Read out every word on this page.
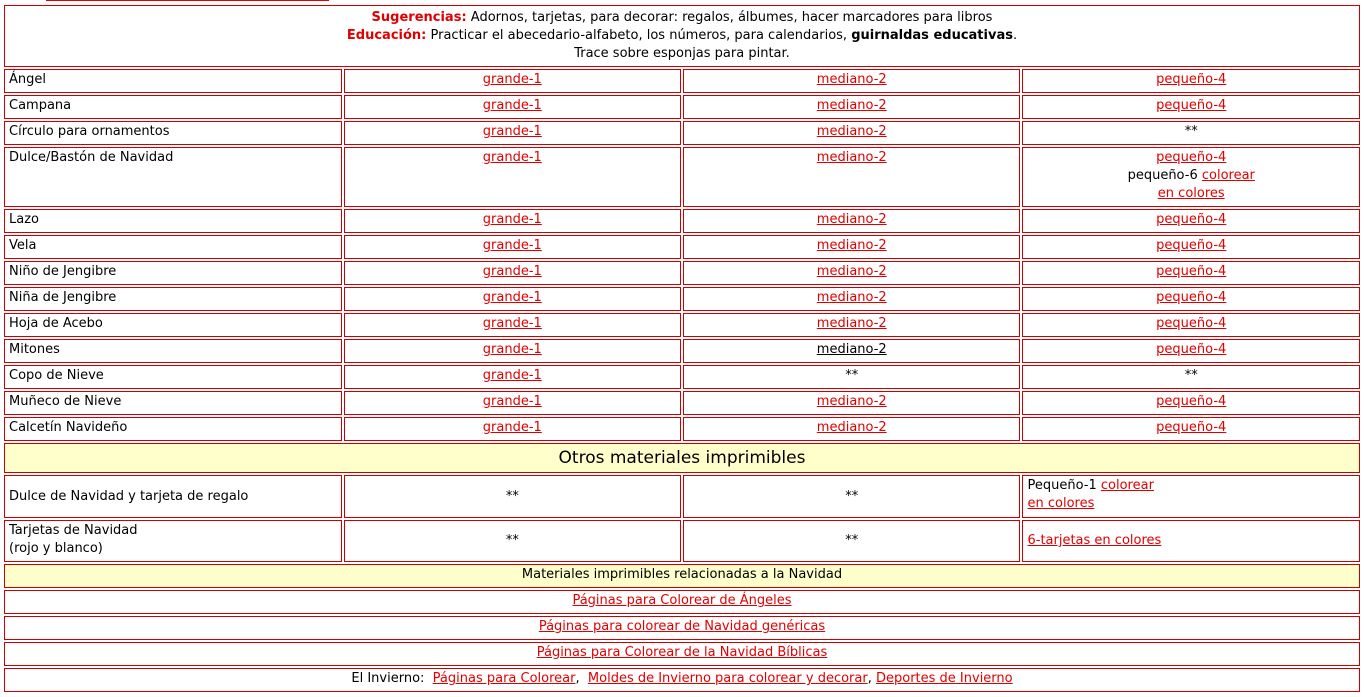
Sugerencias: Adornos, tarjetas, para decorar: regalos, álbumes, hacer marcadores para libros
Educación: Practicar el abecedario-alfabeto, los números, para calendarios, guirnaldas educativas.
Trace sobre esponjas para pintar.			

Ángel	grande-1	mediano-2	pequeño-4
Campana	grande-1	mediano-2	pequeño-4
Círculo para ornamentos	grande-1	mediano-2	**
Dulce/Bastón de Navidad	grande-1	mediano-2	pequeño-4
pequeño-6 colorear
en colores
Lazo	grande-1	mediano-2	pequeño-4
Vela	grande-1	mediano-2	pequeño-4
Niño de Jengibre	grande-1	mediano-2	pequeño-4
Niña de Jengibre	grande-1	mediano-2	pequeño-4
Hoja de Acebo	grande-1	mediano-2	pequeño-4
Mitones	grande-1	mediano-2	pequeño-4
Copo de Nieve	grande-1	**	**
Muñeco de Nieve	grande-1	mediano-2	pequeño-4
Calcetín Navideño	grande-1	mediano-2	pequeño-4
Otros materiales imprimibles			
Dulce de Navidad y tarjeta de regalo	**	**	Pequeño-1 colorear
en colores
Tarjetas de Navidad
(rojo y blanco)	**	**	6-tarjetas en colores
Materiales imprimibles relacionadas a la Navidad
Páginas para Colorear de Ángeles
Páginas para colorear de Navidad genéricas
Páginas para Colorear de la Navidad Bíblicas
El Invierno: Páginas para Colorear,  Moldes de Invierno para colorear y decorar, Deportes de Invierno
